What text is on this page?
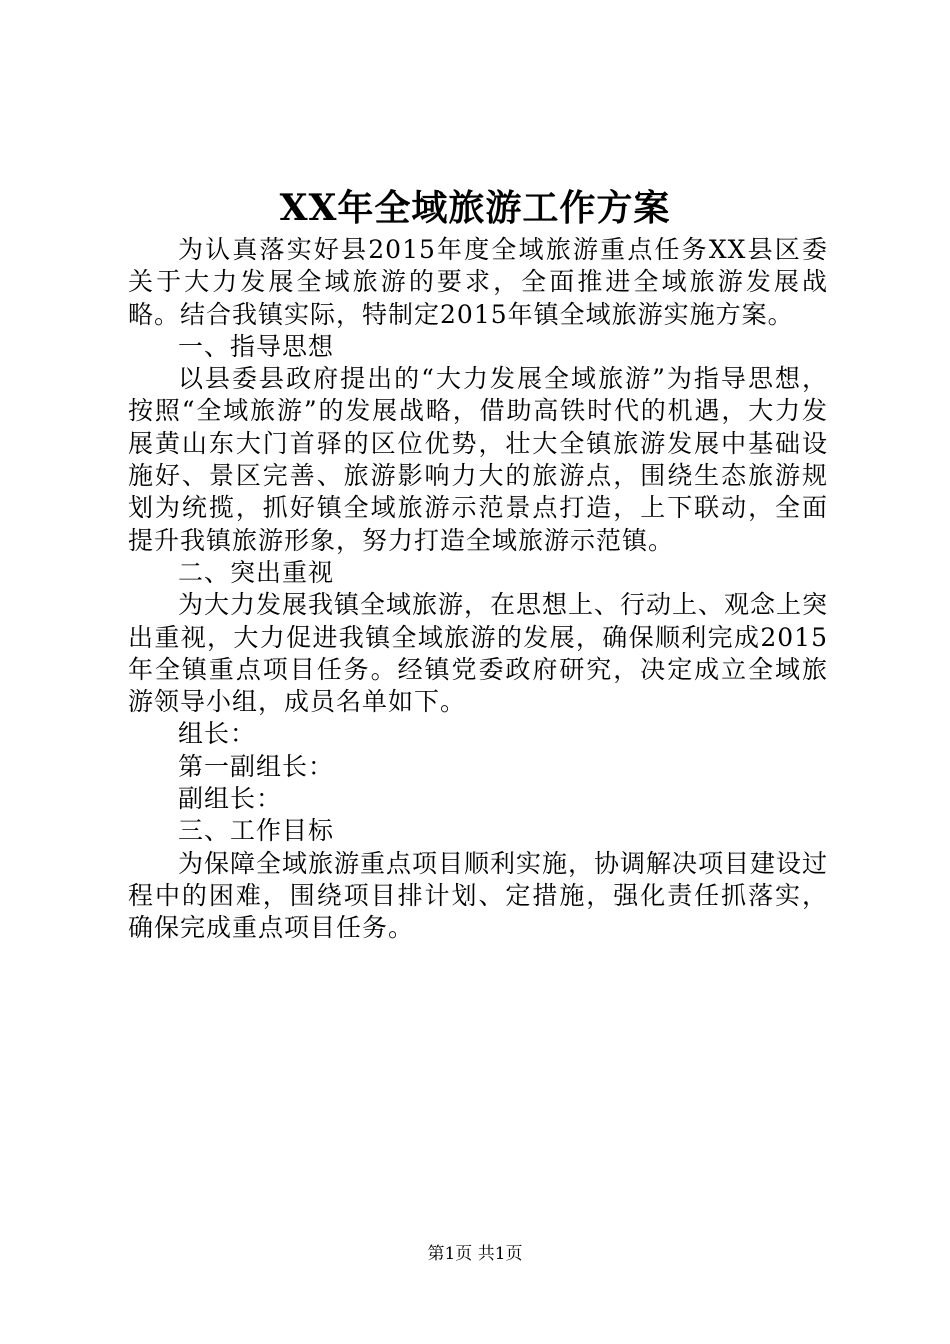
XX年全域旅游工作方案

为认真落实好县2015年度全域旅游重点任务XX县区委关于大力发展全域旅游的要求，全面推进全域旅游发展战略。结合我镇实际，特制定2015年镇全域旅游实施方案。

一、指导思想

以县委县政府提出的“大力发展全域旅游”为指导思想，按照“全域旅游”的发展战略，借助高铁时代的机遇，大力发展黄山东大门首驿的区位优势，壮大全镇旅游发展中基础设施好、景区完善、旅游影响力大的旅游点，围绕生态旅游规划为统揽，抓好镇全域旅游示范景点打造，上下联动，全面提升我镇旅游形象，努力打造全域旅游示范镇。

二、突出重视

为大力发展我镇全域旅游，在思想上、行动上、观念上突出重视，大力促进我镇全域旅游的发展，确保顺利完成2015年全镇重点项目任务。经镇党委政府研究，决定成立全域旅游领导小组，成员名单如下。

组长：

第一副组长：

副组长：

三、工作目标

为保障全域旅游重点项目顺利实施，协调解决项目建设过程中的困难，围绕项目排计划、定措施，强化责任抓落实，确保完成重点项目任务。

第1页 共1页
